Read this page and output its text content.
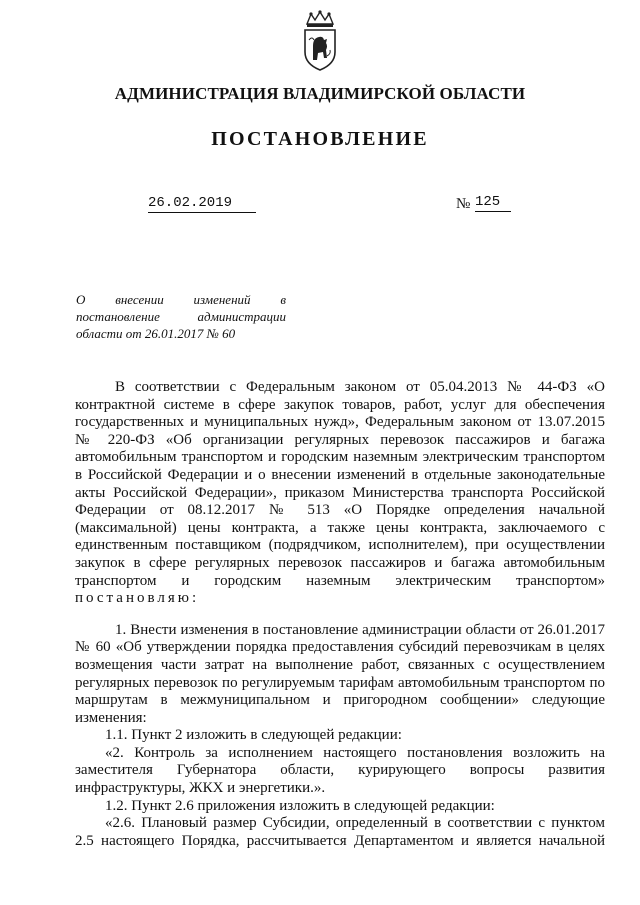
АДМИНИСТРАЦИЯ ВЛАДИМИРСКОЙ ОБЛАСТИ
ПОСТАНОВЛЕНИЕ
26.02.2019	№ 125
О внесении изменений в
постановление администрации
области от 26.01.2017 № 60
В соответствии с Федеральным законом от 05.04.2013 № 44-ФЗ «О
контрактной системе в сфере закупок товаров, работ, услуг для обеспечения
государственных и муниципальных нужд», Федеральным законом от 13.07.2015
№ 220-ФЗ «Об организации регулярных перевозок пассажиров и багажа
автомобильным транспортом и городским наземным электрическим транспортом
в Российской Федерации и о внесении изменений в отдельные законодательные
акты Российской Федерации», приказом Министерства транспорта Российской
Федерации от 08.12.2017 № 513 «О Порядке определения начальной
(максимальной) цены контракта, а также цены контракта, заключаемого с
единственным поставщиком (подрядчиком, исполнителем), при осуществлении
закупок в сфере регулярных перевозок пассажиров и багажа автомобильным
транспортом и городским наземным электрическим транспортом»
постановляю:
1. Внести изменения в постановление администрации области от 26.01.2017
№ 60 «Об утверждении порядка предоставления субсидий перевозчикам в целях
возмещения части затрат на выполнение работ, связанных с осуществлением
регулярных перевозок по регулируемым тарифам автомобильным транспортом по
маршрутам в межмуниципальном и пригородном сообщении» следующие
изменения:
1.1. Пункт 2 изложить в следующей редакции:
«2. Контроль за исполнением настоящего постановления возложить на
заместителя Губернатора области, курирующего вопросы развития
инфраструктуры, ЖКХ и энергетики.».
1.2. Пункт 2.6 приложения изложить в следующей редакции:
«2.6. Плановый размер Субсидии, определенный в соответствии с пунктом
2.5 настоящего Порядка, рассчитывается Департаментом и является начальной
